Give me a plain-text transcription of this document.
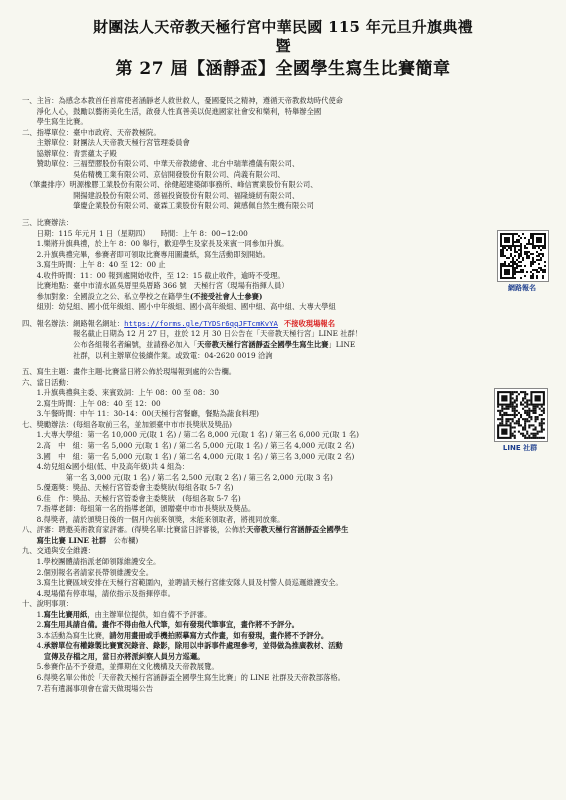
財團法人天帝教天極行宮中華民國 115 年元旦升旗典禮
暨
第 27 屆【涵靜盃】全國學生寫生比賽簡章
一、主旨：為感念本教首任首席使者涵靜老人救世救人，憂國憂民之精神，遵循天帝教救劫時代使命
　　淨化人心，鼓勵以藝術美化生活，啟發人性真善美以促進國家社會安和樂利，特舉辦全國
　　學生寫生比賽。
二、指導單位：臺中市政府、天帝教極院。
　　主辦單位：財團法人天帝教天極行宮管理委員會
　　協辦單位：青雲蘊太子殿
　　贊助單位：三福塑膠股份有限公司、中華天帝教總會、北台中瑞華禮儀有限公司、
　　　　　　　吳佑精機工業有限公司、京信開發股份有限公司、尚義有限公司、
　（筆畫排序）明源橡膠工業股份有限公司、徐健超建築師事務所、峰信實業股份有限公司、
　　　　　　　開揚建設股份有限公司、慈福投資股份有限公司、福隆縫紉有限公司、
　　　　　　　肇慶企業股份有限公司、豪霖工業股份有限公司、鏡感佩自然生機有限公司
三、比賽辦法：
　　日期：115 年元月 1 日（星期四）　　時間：上午 8：00~12:00
　　1.樂將升旗典禮，於上午 8：00 舉行，歡迎學生及家長及來賓一同參加升旗。
　　2.升旗典禮完畢，參賽者即可領取比賽專用圖畫紙，寫生活動即刻開始。
　　3.寫生時間：上午 8：40 至 12：00 止
　　4.收件時間：11：00 報到處開始收件，至 12：15 截止收件，逾時不受理。
　　比賽地點：臺中市清水區吳厝里吳厝路 366 號　天極行宮（現場有指揮人員）
　　參加對象：全國設立之公、私立學校之在籍學生(不接受社會人士參賽)
　　組別：幼兒組、國小低年級組、國小中年級組、國小高年級組、國中組、高中組、大專大學組
四、報名辦法：網路報名網址：https://forms.gle/TYDSr6qqJFTcmKvYA 不接收現場報名
　　　　　　　報名截止日期為 12 月 27 日，並於 12 月 30 日公告在「天帝教天極行宮」LINE 社群！
　　　　　　　公布各組報名者編號，並請務必加入「天帝教天極行宮涵靜盃全國學生寫生比賽」LINE
　　　　　　　社群，以利主辦單位後續作業。或致電：04-2620 0019 洽詢
五、寫生主題：畫作主題-比賽當日將公佈於現場報到處的公告欄。
六、當日活動：
　　1.升旗典禮與主委、來賓致詞：上午 08：00 至 08：30
　　2.寫生時間：上午 08：40 至 12：00
　　3.午餐時間：中午 11：30-14：00(天極行宮餐廳，餐點為蔬食料理)
七、獎勵辦法：(每組各取前三名，並加頒臺中市市長獎狀及獎品)
　　1.大專大學組：第一名 10,000 元(取 1 名) / 第二名 8,000 元(取 1 名) / 第三名 6,000 元(取 1 名)
　　2.高　中　組：第一名 5,000 元(取 1 名) / 第二名 5,000 元(取 1 名) / 第三名 4,000 元(取 2 名)
　　3.國　中　組：第一名 5,000 元(取 1 名) / 第二名 4,000 元(取 1 名) / 第三名 3,000 元(取 2 名)
　　4.幼兒組&國小組(低、中及高年級)共 4 組為：
　　　　　　第一名 3,000 元(取 1 名) / 第二名 2,500 元(取 2 名) / 第三名 2,000 元(取 3 名)
　　5.優選獎：獎品、天極行宮管委會主委獎狀(每組各取 5-7 名)
　　6.佳　作：獎品、天極行宮管委會主委獎狀　(每組各取 5-7 名)
　　7.指導老師：每組第一名的指導老師，頒贈臺中市市長獎狀及獎品。
　　8.得獎者，請於頒獎日後的一個月內前來領獎，未能來領取者，將視同放棄。
八、評審：聘邀美術教育家評審。(得獎名單:比賽當日評審後，公佈於天帝教天極行宮涵靜盃全國學生
　　寫生比賽 LINE 社群　公布欄)
九、交通與安全維護：
　　1.學校團體請指派老師領隊維護安全。
　　2.個別報名者請家長帶領維護安全。
　　3.寫生比賽區域安排在天極行宮範圍內，並聘請天極行宮維安隊人員及村警人員巡邏維護安全。
　　4.現場備有停車場，請依指示及指揮停車。
十、說明事項：
　　1.寫生比賽用紙，由主辦單位提供，如自備不予評審。
　　2.寫生用具請自備。畫作不得由他人代筆，如有發現代筆事宜，畫作將不予評分。
　　3.本活動為寫生比賽，請勿用畫冊或手機拍照摹寫方式作畫，如有發現，畫作將不予評分。
　　4.承辦單位有權錄製比賽實況錄音、錄影，除用以申訴事件處理參考，並得做為推廣教材、活動
　　　宣傳及存檔之用，當日亦將派糾察人員另方巡邏。
　　5.參賽作品不予發還，並擇期在文化機構及天帝教展覽。
　　6.得獎名單公佈於「天帝教天極行宮涵靜盃全國學生寫生比賽」的 LINE 社群及天帝教部落格。
　　7.若有遺漏事項會在當天做現場公告
網路報名
LINE 社群
